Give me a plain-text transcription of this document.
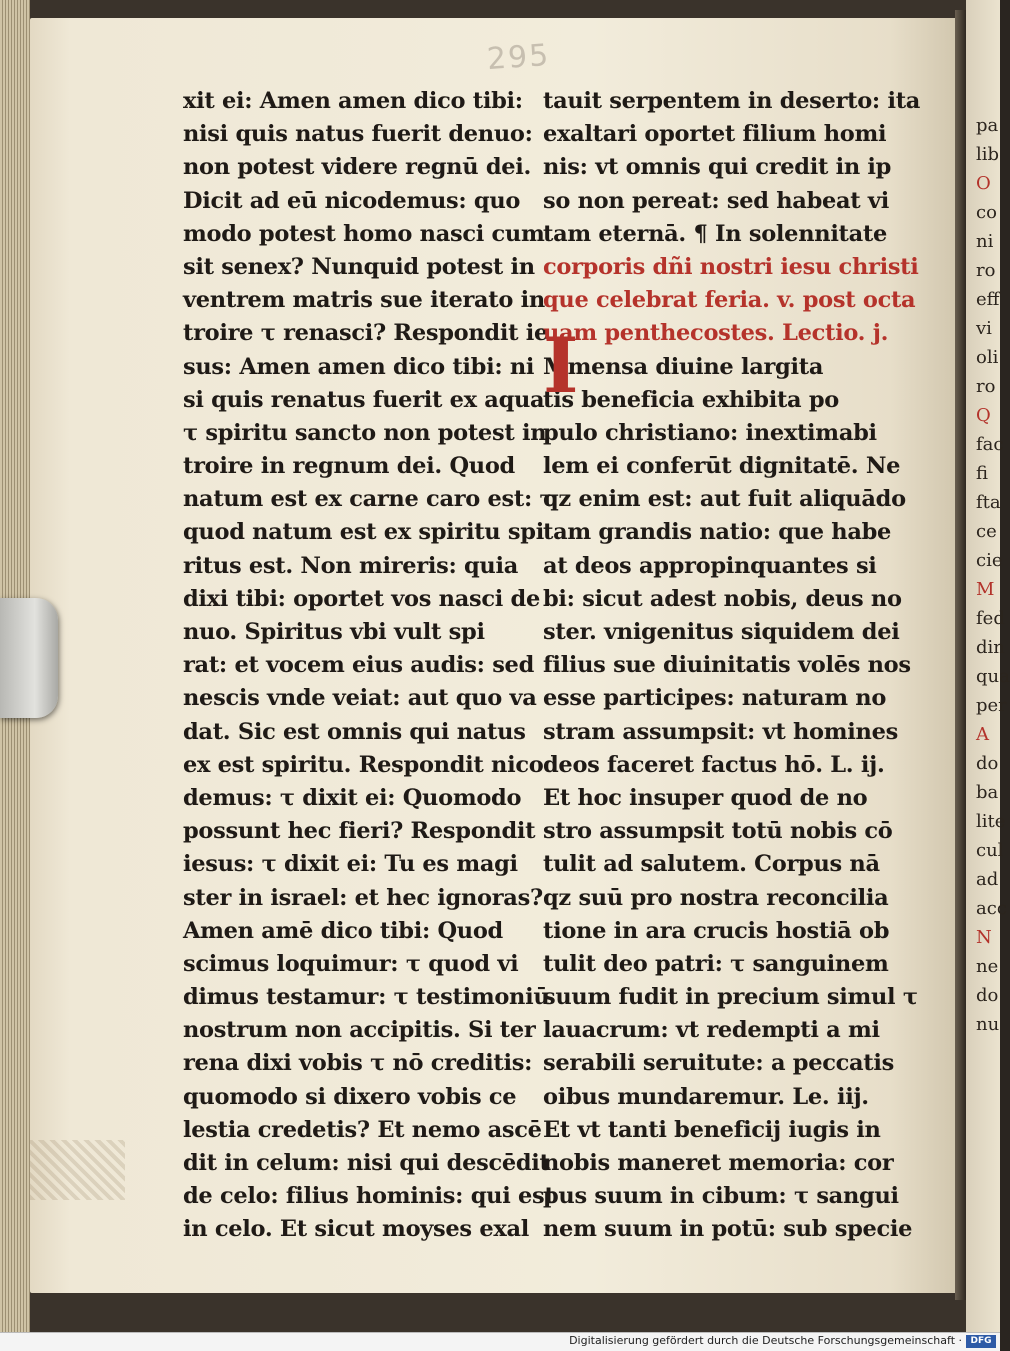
pa
lib
O
co
ni
ro
eff
vi
oli
ro
Q
fac
fi
fta
ce
cie
M
fed
din
qua
per
A
do
ba
lite
cul
ad
acc
N
ne
do
nu
295
xit ei: Amen amen dico tibi:
nisi quis natus fuerit denuo:
non potest videre regnū dei.
Dicit ad eū nicodemus: quo
modo potest homo nasci cum
sit senex? Nunquid potest in
ventrem matris sue iterato in
troire τ renasci? Respondit ie
sus: Amen amen dico tibi: ni
si quis renatus fuerit ex aqua
τ spiritu sancto non potest in
troire in regnum dei. Quod
natum est ex carne caro est: τ
quod natum est ex spiritu spi
ritus est. Non mireris: quia
dixi tibi: oportet vos nasci de
nuo. Spiritus vbi vult spi
rat: et vocem eius audis: sed
nescis vnde veiat: aut quo va
dat. Sic est omnis qui natus
ex est spiritu. Respondit nico
demus: τ dixit ei: Quomodo
possunt hec fieri? Respondit
iesus: τ dixit ei: Tu es magi
ster in israel: et hec ignoras?
Amen amē dico tibi: Quod
scimus loquimur: τ quod vi
dimus testamur: τ testimoniū
nostrum non accipitis. Si ter
rena dixi vobis τ nō creditis:
quomodo si dixero vobis ce
lestia credetis? Et nemo ascē
dit in celum: nisi qui descēdit
de celo: filius hominis: qui est
in celo. Et sicut moyses exal
tauit serpentem in deserto: ita
exaltari oportet filium homi
nis: vt omnis qui credit in ip
so non pereat: sed habeat vi
tam eternā. ¶ In solennitate
corporis dñi nostri iesu christi
que celebrat feria. v. post octa
uam penthecostes. Lectio. j.
Mmensa diuine largita
tis beneficia exhibita po
pulo christiano: inextimabi
lem ei conferūt dignitatē. Ne
qz enim est: aut fuit aliquādo
tam grandis natio: que habe
at deos appropinquantes si
bi: sicut adest nobis, deus no
ster. vnigenitus siquidem dei
filius sue diuinitatis volēs nos
esse participes: naturam no
stram assumpsit: vt homines
deos faceret factus hō. L. ij.
Et hoc insuper quod de no
stro assumpsit totū nobis cō
tulit ad salutem. Corpus nā
qz suū pro nostra reconcilia
tione in ara crucis hostiā ob
tulit deo patri: τ sanguinem
suum fudit in precium simul τ
lauacrum: vt redempti a mi
serabili seruitute: a peccatis
oibus mundaremur. Le. iij.
Et vt tanti beneficij iugis in
nobis maneret memoria: cor
pus suum in cibum: τ sangui
nem suum in potū: sub specie
I
Digitalisierung gefördert durch die Deutsche Forschungsgemeinschaft · DFG
